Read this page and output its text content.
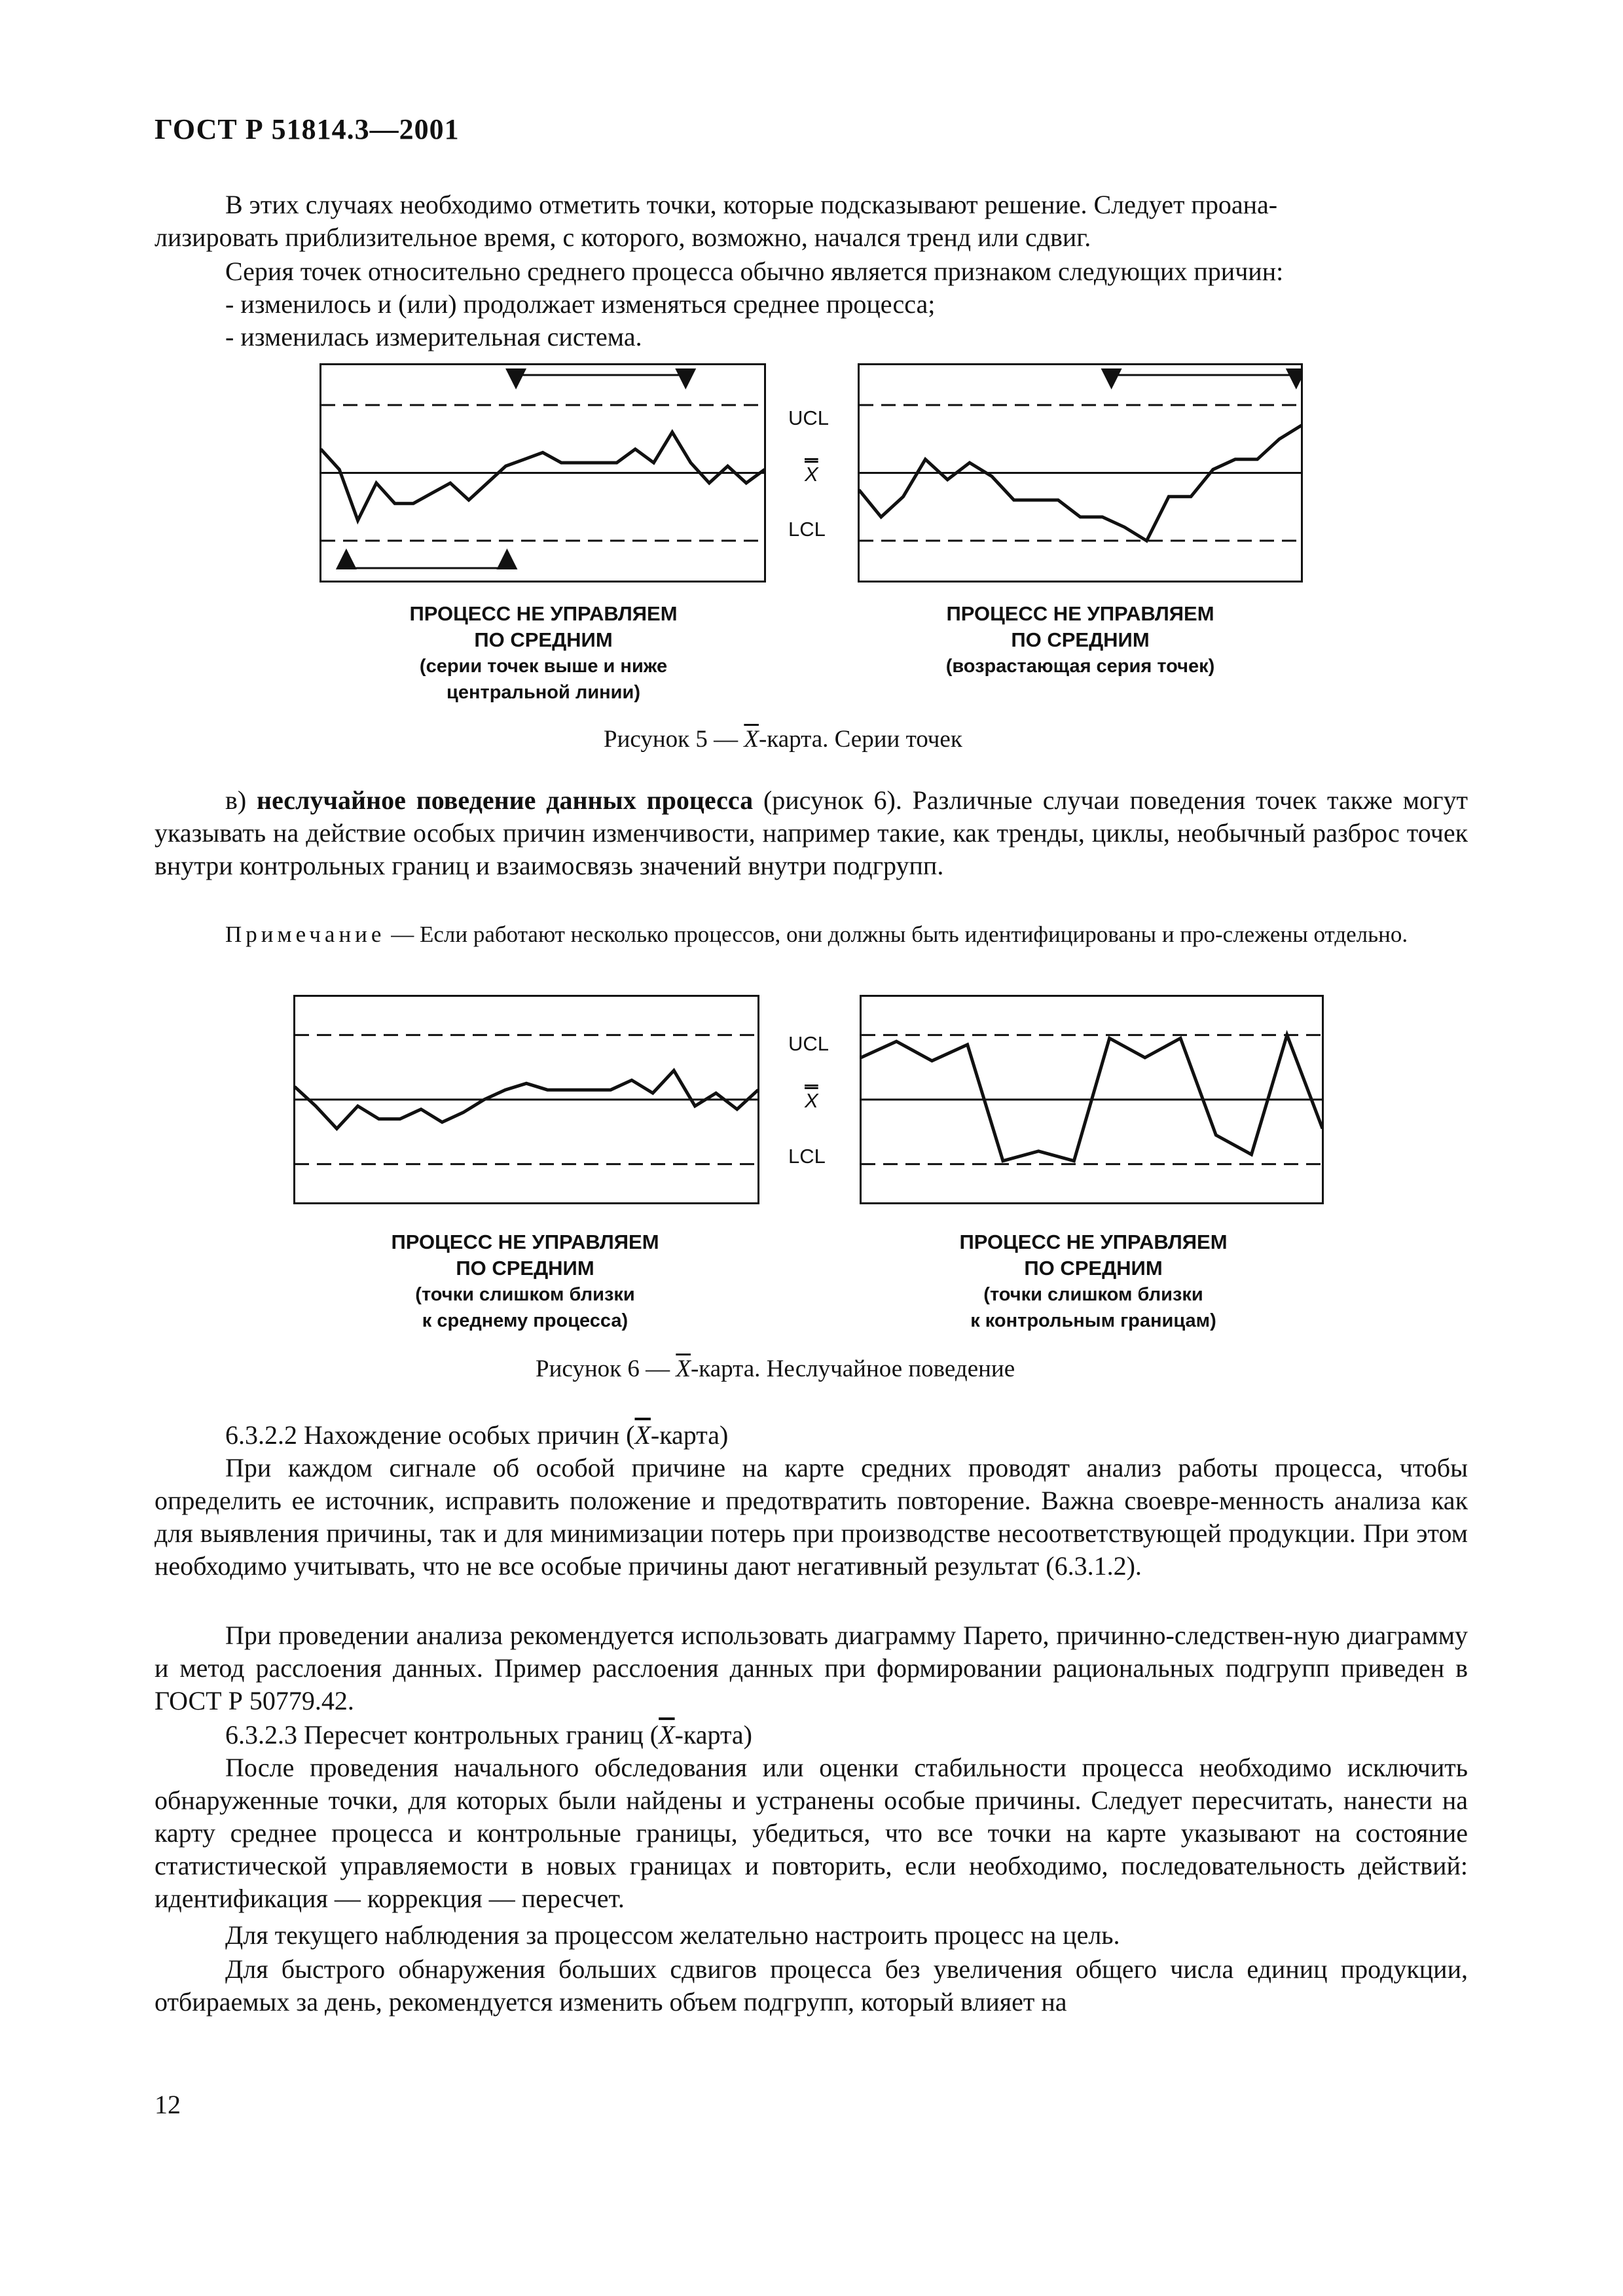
ГОСТ Р 51814.3—2001
В этих случаях необходимо отметить точки, которые подсказывают решение. Следует проана-
лизировать приблизительное время, с которого, возможно, начался тренд или сдвиг.
Серия точек относительно среднего процесса обычно является признаком следующих причин:
- изменилось и (или) продолжает изменяться среднее процесса;
- изменилась измерительная система.
UCL
X
LCL
ПРОЦЕСС НЕ УПРАВЛЯЕМ
ПО СРЕДНИМ
(серии точек выше и ниже
центральной линии)
ПРОЦЕСС НЕ УПРАВЛЯЕМ
ПО СРЕДНИМ
(возрастающая серия точек)
Рисунок 5 — $\overline{X}$-карта. Серии точек
в) неслучайное поведение данных процесса (рисунок 6). Различные случаи поведения точек также могут указывать на действие особых причин изменчивости, например такие, как тренды, циклы, необычный разброс точек внутри контрольных границ и взаимосвязь значений внутри подгрупп.
Примечание — Если работают несколько процессов, они должны быть идентифицированы и про-слежены отдельно.
UCL
X
LCL
ПРОЦЕСС НЕ УПРАВЛЯЕМ
ПО СРЕДНИМ
(точки слишком близки
к среднему процесса)
ПРОЦЕСС НЕ УПРАВЛЯЕМ
ПО СРЕДНИМ
(точки слишком близки
к контрольным границам)
Рисунок 6 — $\overline{X}$-карта. Неслучайное поведение
6.3.2.2 Нахождение особых причин $(\overline{X}-карта)$
При каждом сигнале об особой причине на карте средних проводят анализ работы процесса, чтобы определить ее источник, исправить положение и предотвратить повторение. Важна своевре-менность анализа как для выявления причины, так и для минимизации потерь при производстве несоответствующей продукции. При этом необходимо учитывать, что не все особые причины дают негативный результат (6.3.1.2).
При проведении анализа рекомендуется использовать диаграмму Парето, причинно-следствен-ную диаграмму и метод расслоения данных. Пример расслоения данных при формировании рациональных подгрупп приведен в ГОСТ Р 50779.42.
6.3.2.3 Пересчет контрольных границ $(\overline{X}-карта)$
После проведения начального обследования или оценки стабильности процесса необходимо исключить обнаруженные точки, для которых были найдены и устранены особые причины. Следует пересчитать, нанести на карту среднее процесса и контрольные границы, убедиться, что все точки на карте указывают на состояние статистической управляемости в новых границах и повторить, если необходимо, последовательность действий: идентификация — коррекция — пересчет.
Для текущего наблюдения за процессом желательно настроить процесс на цель.
Для быстрого обнаружения больших сдвигов процесса без увеличения общего числа единиц продукции, отбираемых за день, рекомендуется изменить объем подгрупп, который влияет на
12
